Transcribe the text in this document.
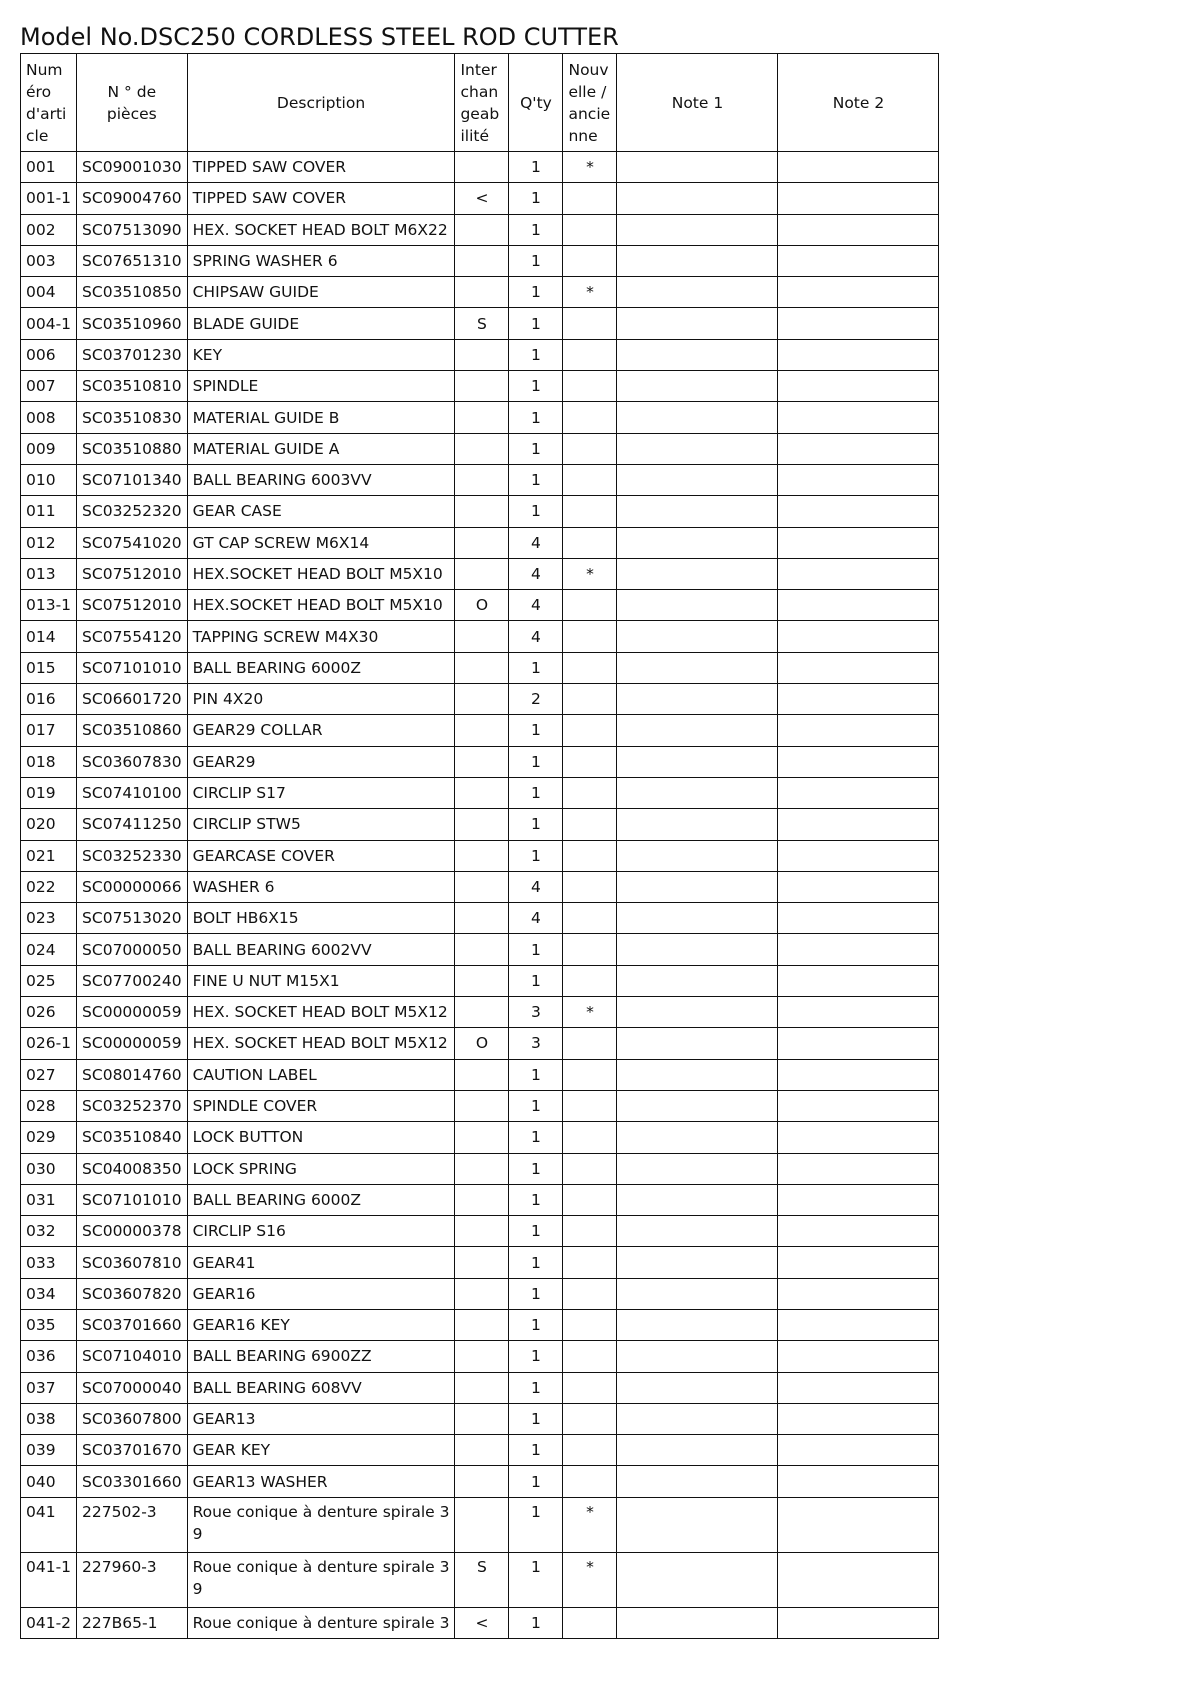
Model No.DSC250 CORDLESS STEEL ROD CUTTER
Numéro d'article	N ° de pièces	Description	Interchangeabilité	Q'ty	Nouvelle / ancienne	Note 1	Note 2
001	SC09001030	TIPPED SAW COVER		1	*		
001-1	SC09004760	TIPPED SAW COVER	<	1			
002	SC07513090	HEX. SOCKET HEAD BOLT M6X22		1			
003	SC07651310	SPRING WASHER 6		1			
004	SC03510850	CHIPSAW GUIDE		1	*		
004-1	SC03510960	BLADE GUIDE	S	1			
006	SC03701230	KEY		1			
007	SC03510810	SPINDLE		1			
008	SC03510830	MATERIAL GUIDE B		1			
009	SC03510880	MATERIAL GUIDE A		1			
010	SC07101340	BALL BEARING 6003VV		1			
011	SC03252320	GEAR CASE		1			
012	SC07541020	GT CAP SCREW M6X14		4			
013	SC07512010	HEX.SOCKET HEAD BOLT M5X10		4	*		
013-1	SC07512010	HEX.SOCKET HEAD BOLT M5X10	O	4			
014	SC07554120	TAPPING SCREW M4X30		4			
015	SC07101010	BALL BEARING 6000Z		1			
016	SC06601720	PIN 4X20		2			
017	SC03510860	GEAR29 COLLAR		1			
018	SC03607830	GEAR29		1			
019	SC07410100	CIRCLIP S17		1			
020	SC07411250	CIRCLIP STW5		1			
021	SC03252330	GEARCASE COVER		1			
022	SC00000066	WASHER 6		4			
023	SC07513020	BOLT HB6X15		4			
024	SC07000050	BALL BEARING 6002VV		1			
025	SC07700240	FINE U NUT M15X1		1			
026	SC00000059	HEX. SOCKET HEAD BOLT M5X12		3	*		
026-1	SC00000059	HEX. SOCKET HEAD BOLT M5X12	O	3			
027	SC08014760	CAUTION LABEL		1			
028	SC03252370	SPINDLE COVER		1			
029	SC03510840	LOCK BUTTON		1			
030	SC04008350	LOCK SPRING		1			
031	SC07101010	BALL BEARING 6000Z		1			
032	SC00000378	CIRCLIP S16		1			
033	SC03607810	GEAR41		1			
034	SC03607820	GEAR16		1			
035	SC03701660	GEAR16 KEY		1			
036	SC07104010	BALL BEARING 6900ZZ		1			
037	SC07000040	BALL BEARING 608VV		1			
038	SC03607800	GEAR13		1			
039	SC03701670	GEAR KEY		1			
040	SC03301660	GEAR13 WASHER		1			
041	227502-3	Roue conique à denture spirale 39		1	*		
041-1	227960-3	Roue conique à denture spirale 39	S	1	*		
041-2	227B65-1	Roue conique à denture spirale 3	<	1			
